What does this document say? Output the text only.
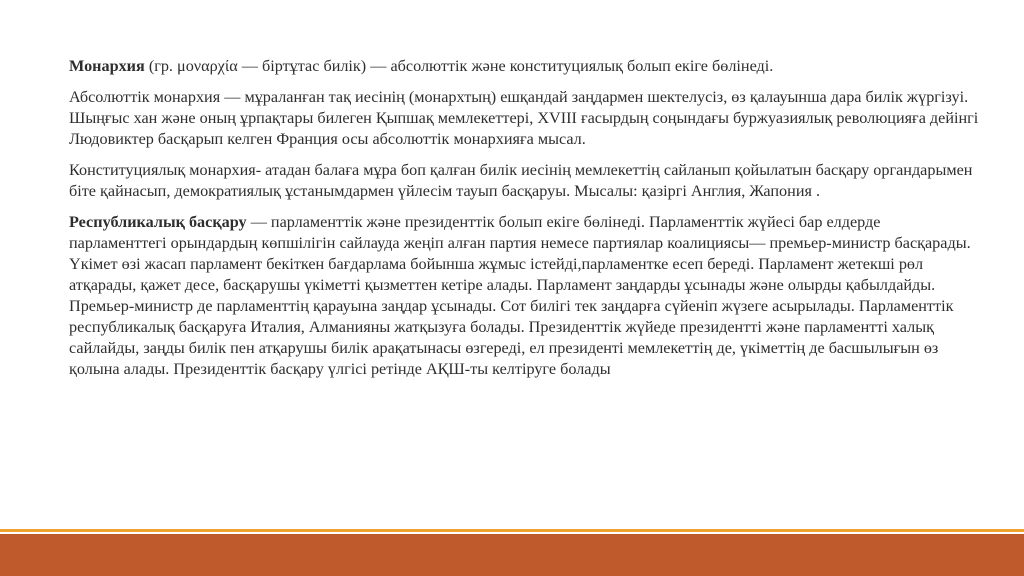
Монархия (гр. μοναρχία — біртұтас билік) — абсолюттік және конституциялық болып екіге бөлінеді.

Абсолюттік монархия — мұраланған тақ иесінің (монархтың) ешқандай заңдармен шектелусіз, өз қалауынша дара билік жүргізуі. Шыңғыс хан және оның ұрпақтары билеген Қыпшақ мемлекеттері, XVIII ғасырдың соңындағы буржуазиялық революцияға дейінгі Людовиктер басқарып келген Франция осы абсолюттік монархияға мысал.

Конституциялық монархия- атадан балаға мұра боп қалған билік иесінің мемлекеттің сайланып қойылатын басқару органдарымен біте қайнасып, демократиялық ұстанымдармен үйлесім тауып басқаруы. Мысалы: қазіргі Англия, Жапония .

Республикалық басқару — парламенттік және президенттік болып екіге бөлінеді. Парламенттік жүйесі бар елдерде парламенттегі орындардың көпшілігін сайлауда жеңіп алған партия немесе партиялар коалициясы— премьер-министр басқарады. Үкімет өзі жасап парламент бекіткен бағдарлама бойынша жұмыс істейді,парламентке есеп береді. Парламент жетекші рөл атқарады, қажет десе, басқарушы үкіметті қызметтен кетіре алады. Парламент заңдарды ұсынады және олырды қабылдайды. Премьер-министр де парламенттің қарауына заңдар ұсынады. Сот билігі тек заңдарға сүйеніп жүзеге асырылады. Парламенттік республикалық басқаруға Италия, Алманияны жатқызуға болады. Президенттік жүйеде президентті және парламентті халық сайлайды, заңды билік пен атқарушы билік арақатынасы өзгереді, ел президенті мемлекеттің де, үкіметтің де басшылығын өз қолына алады. Президенттік басқару үлгісі ретінде АҚШ-ты келтіруге болады
